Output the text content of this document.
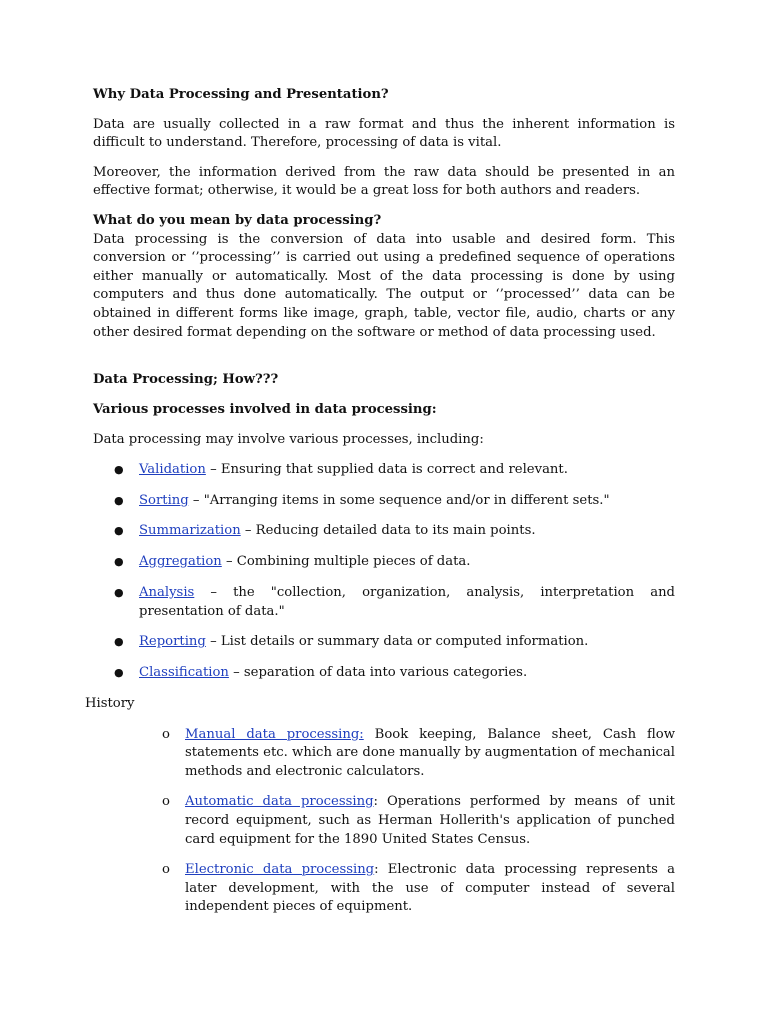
Why Data Processing and Presentation?

Data are usually collected in a raw format and thus the inherent information is difficult to understand. Therefore, processing of data is vital.

Moreover, the information derived from the raw data should be presented in an effective format; otherwise, it would be a great loss for both authors and readers.

What do you mean by data processing?

Data processing is the conversion of data into usable and desired form. This conversion or ‘’processing’’ is carried out using a predefined sequence of operations either manually or automatically. Most of the data processing is done by using computers and thus done automatically. The output or ‘’processed’’ data can be obtained in different forms like image, graph, table, vector file, audio, charts or any other desired format depending on the software or method of data processing used.

Data Processing; How???

Various processes involved in data processing:

Data processing may involve various processes, including:

● Validation – Ensuring that supplied data is correct and relevant.
● Sorting – "Arranging items in some sequence and/or in different sets."
● Summarization – Reducing detailed data to its main points.
● Aggregation – Combining multiple pieces of data.
● Analysis – the "collection, organization, analysis, interpretation and presentation of data."
● Reporting – List details or summary data or computed information.
● Classification – separation of data into various categories.

History

o Manual data processing: Book keeping, Balance sheet, Cash flow statements etc. which are done manually by augmentation of mechanical methods and electronic calculators.
o Automatic data processing: Operations performed by means of unit record equipment, such as Herman Hollerith's application of punched card equipment for the 1890 United States Census.
o Electronic data processing: Electronic data processing represents a later development, with the use of computer instead of several independent pieces of equipment.
